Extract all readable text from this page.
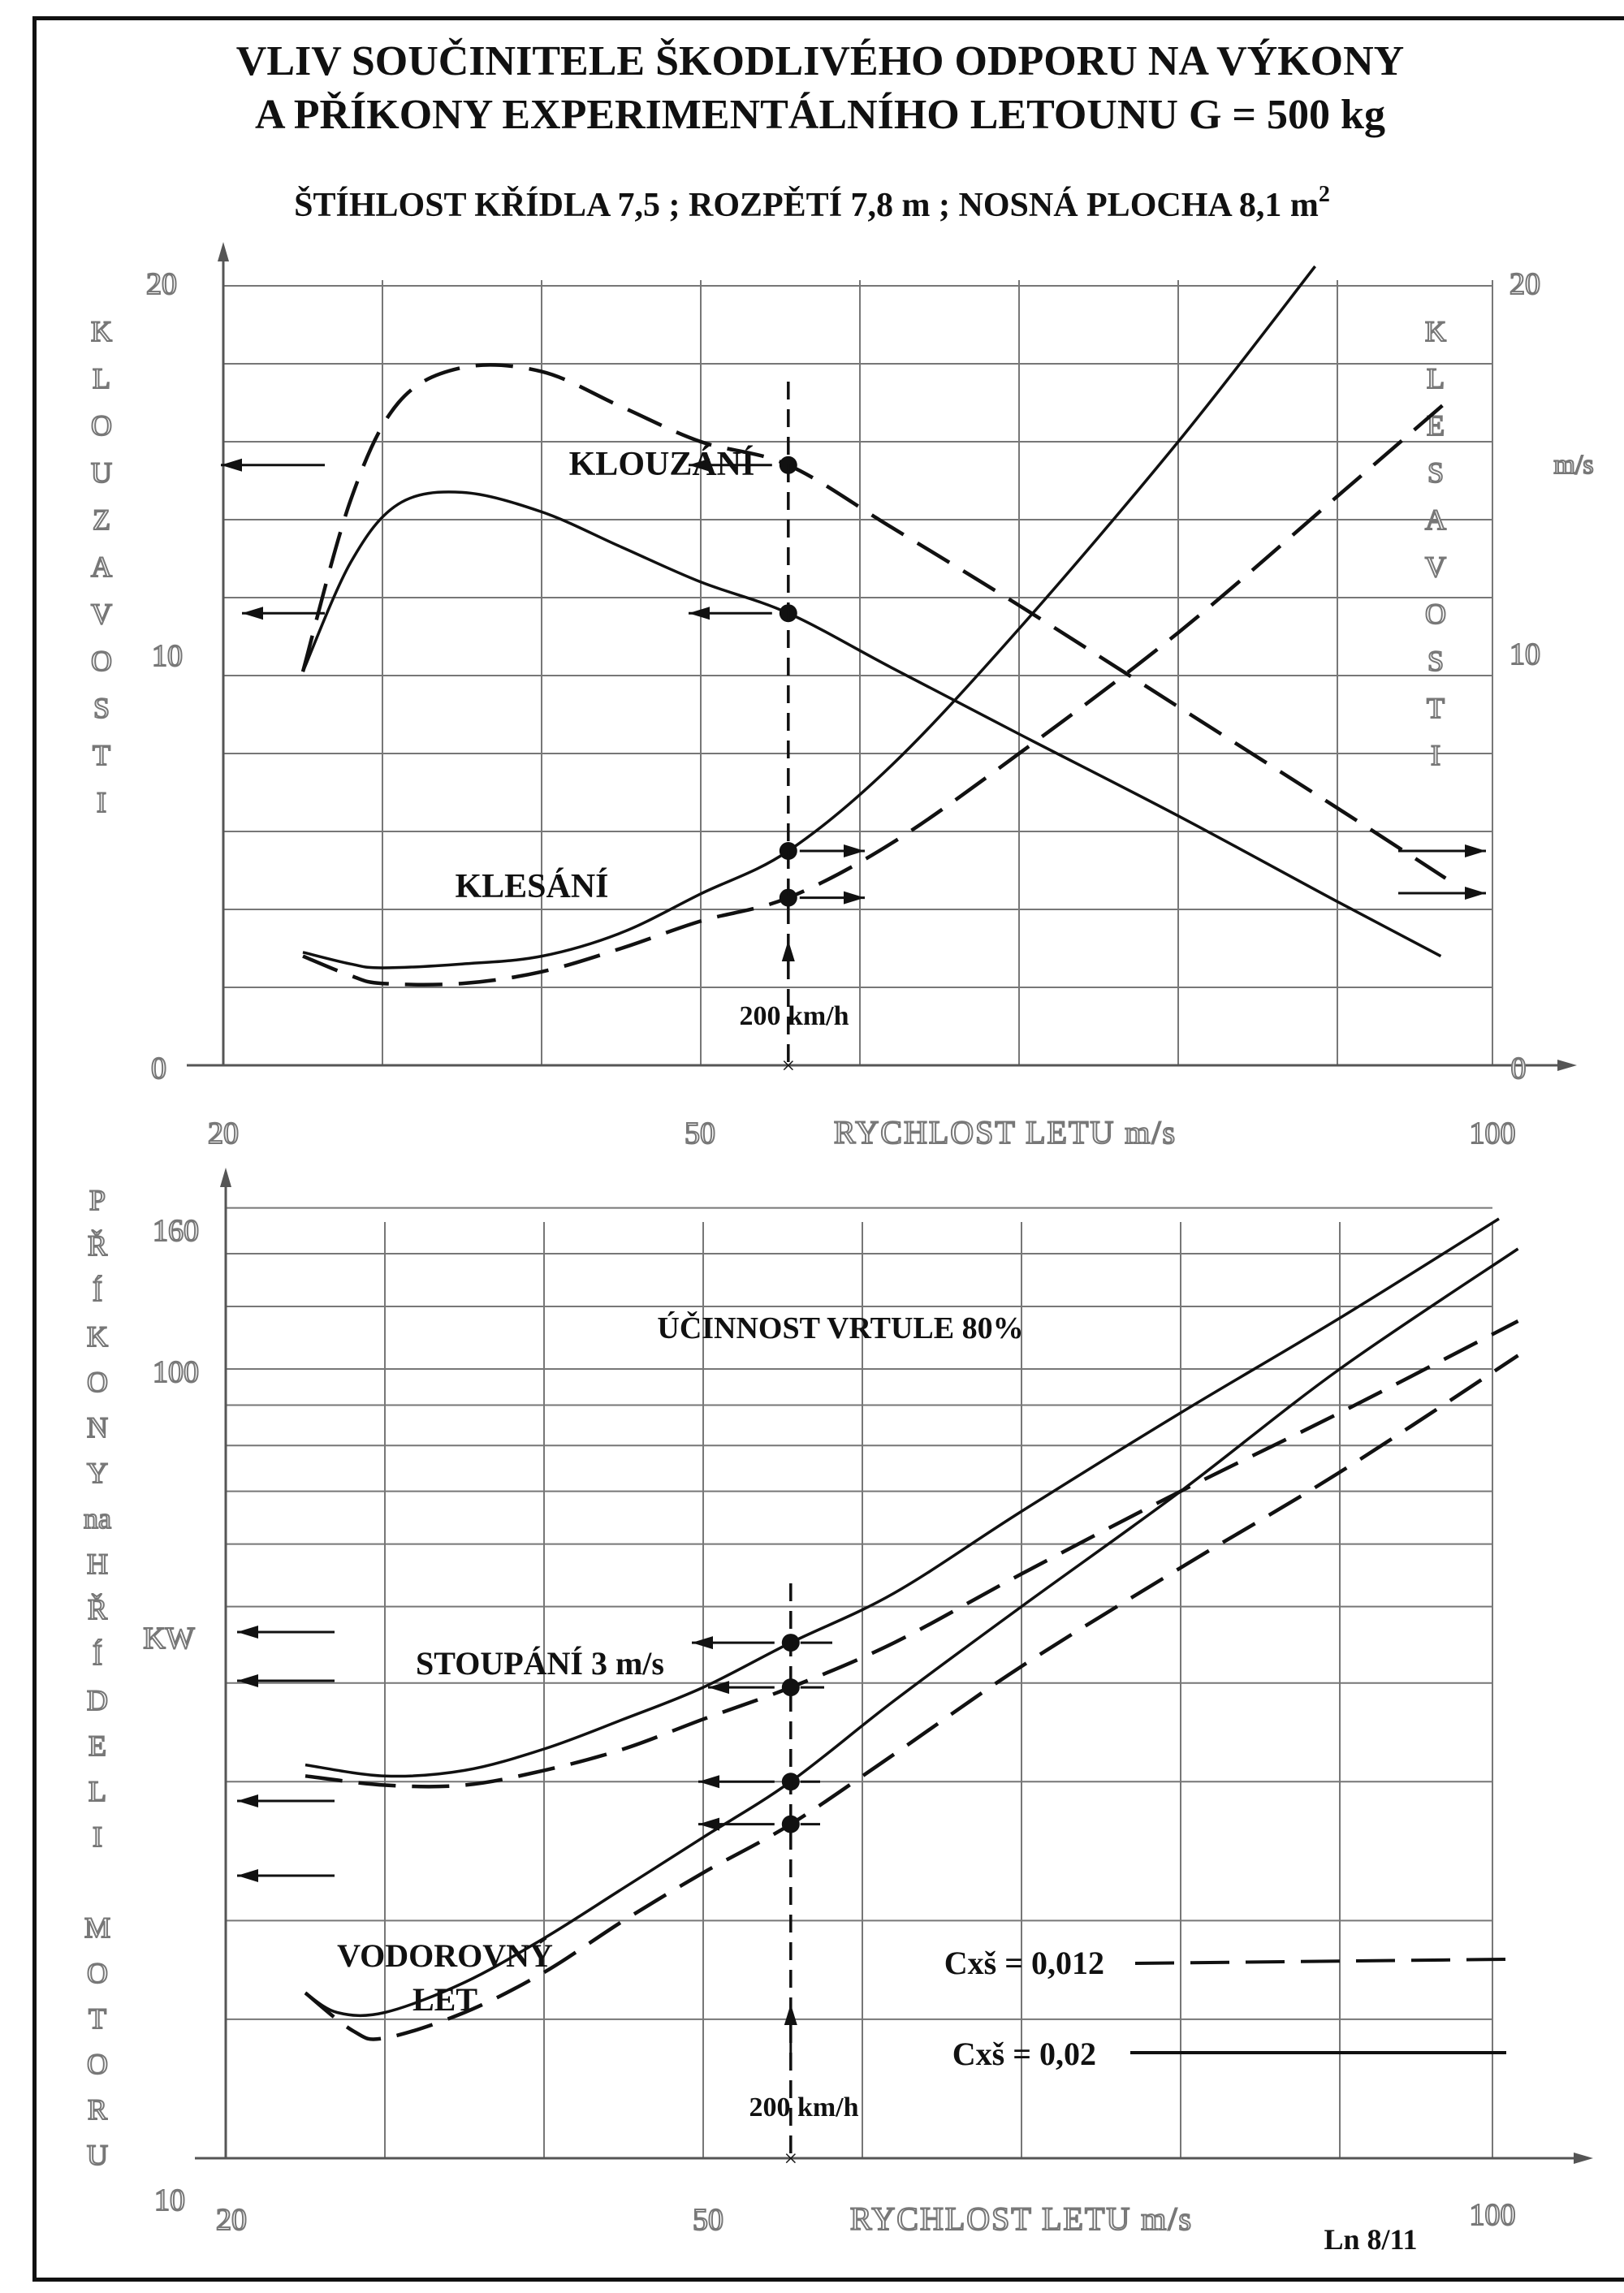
VLIV SOUČINITELE ŠKODLIVÉHO ODPORU NA VÝKONY
A PŘÍKONY EXPERIMENTÁLNÍHO LETOUNU G = 500 kg
ŠTÍHLOST KŘÍDLA 7,5 ; ROZPĚTÍ 7,8 m ; NOSNÁ PLOCHA 8,1 $m^2$
K L O U Z A V O S T I
K L E S A V O S T I
m/s
20
10
0
20
10
0
20	50	100
RYCHLOST LETU m/s
×
KLOUZÁNÍ
KLESÁNÍ
200 km/h
P Ř Í K O N Y na H Ř Í D E L I M O T O R U
KW
160
100
10
20	50	100
RYCHLOST LETU m/s
×
ÚČINNOST VRTULE 80%
STOUPÁNÍ 3 m/s
VODOROVNÝ LET
200 km/h
Cxš = 0,012
Cxš = 0,02
Ln 8/11
